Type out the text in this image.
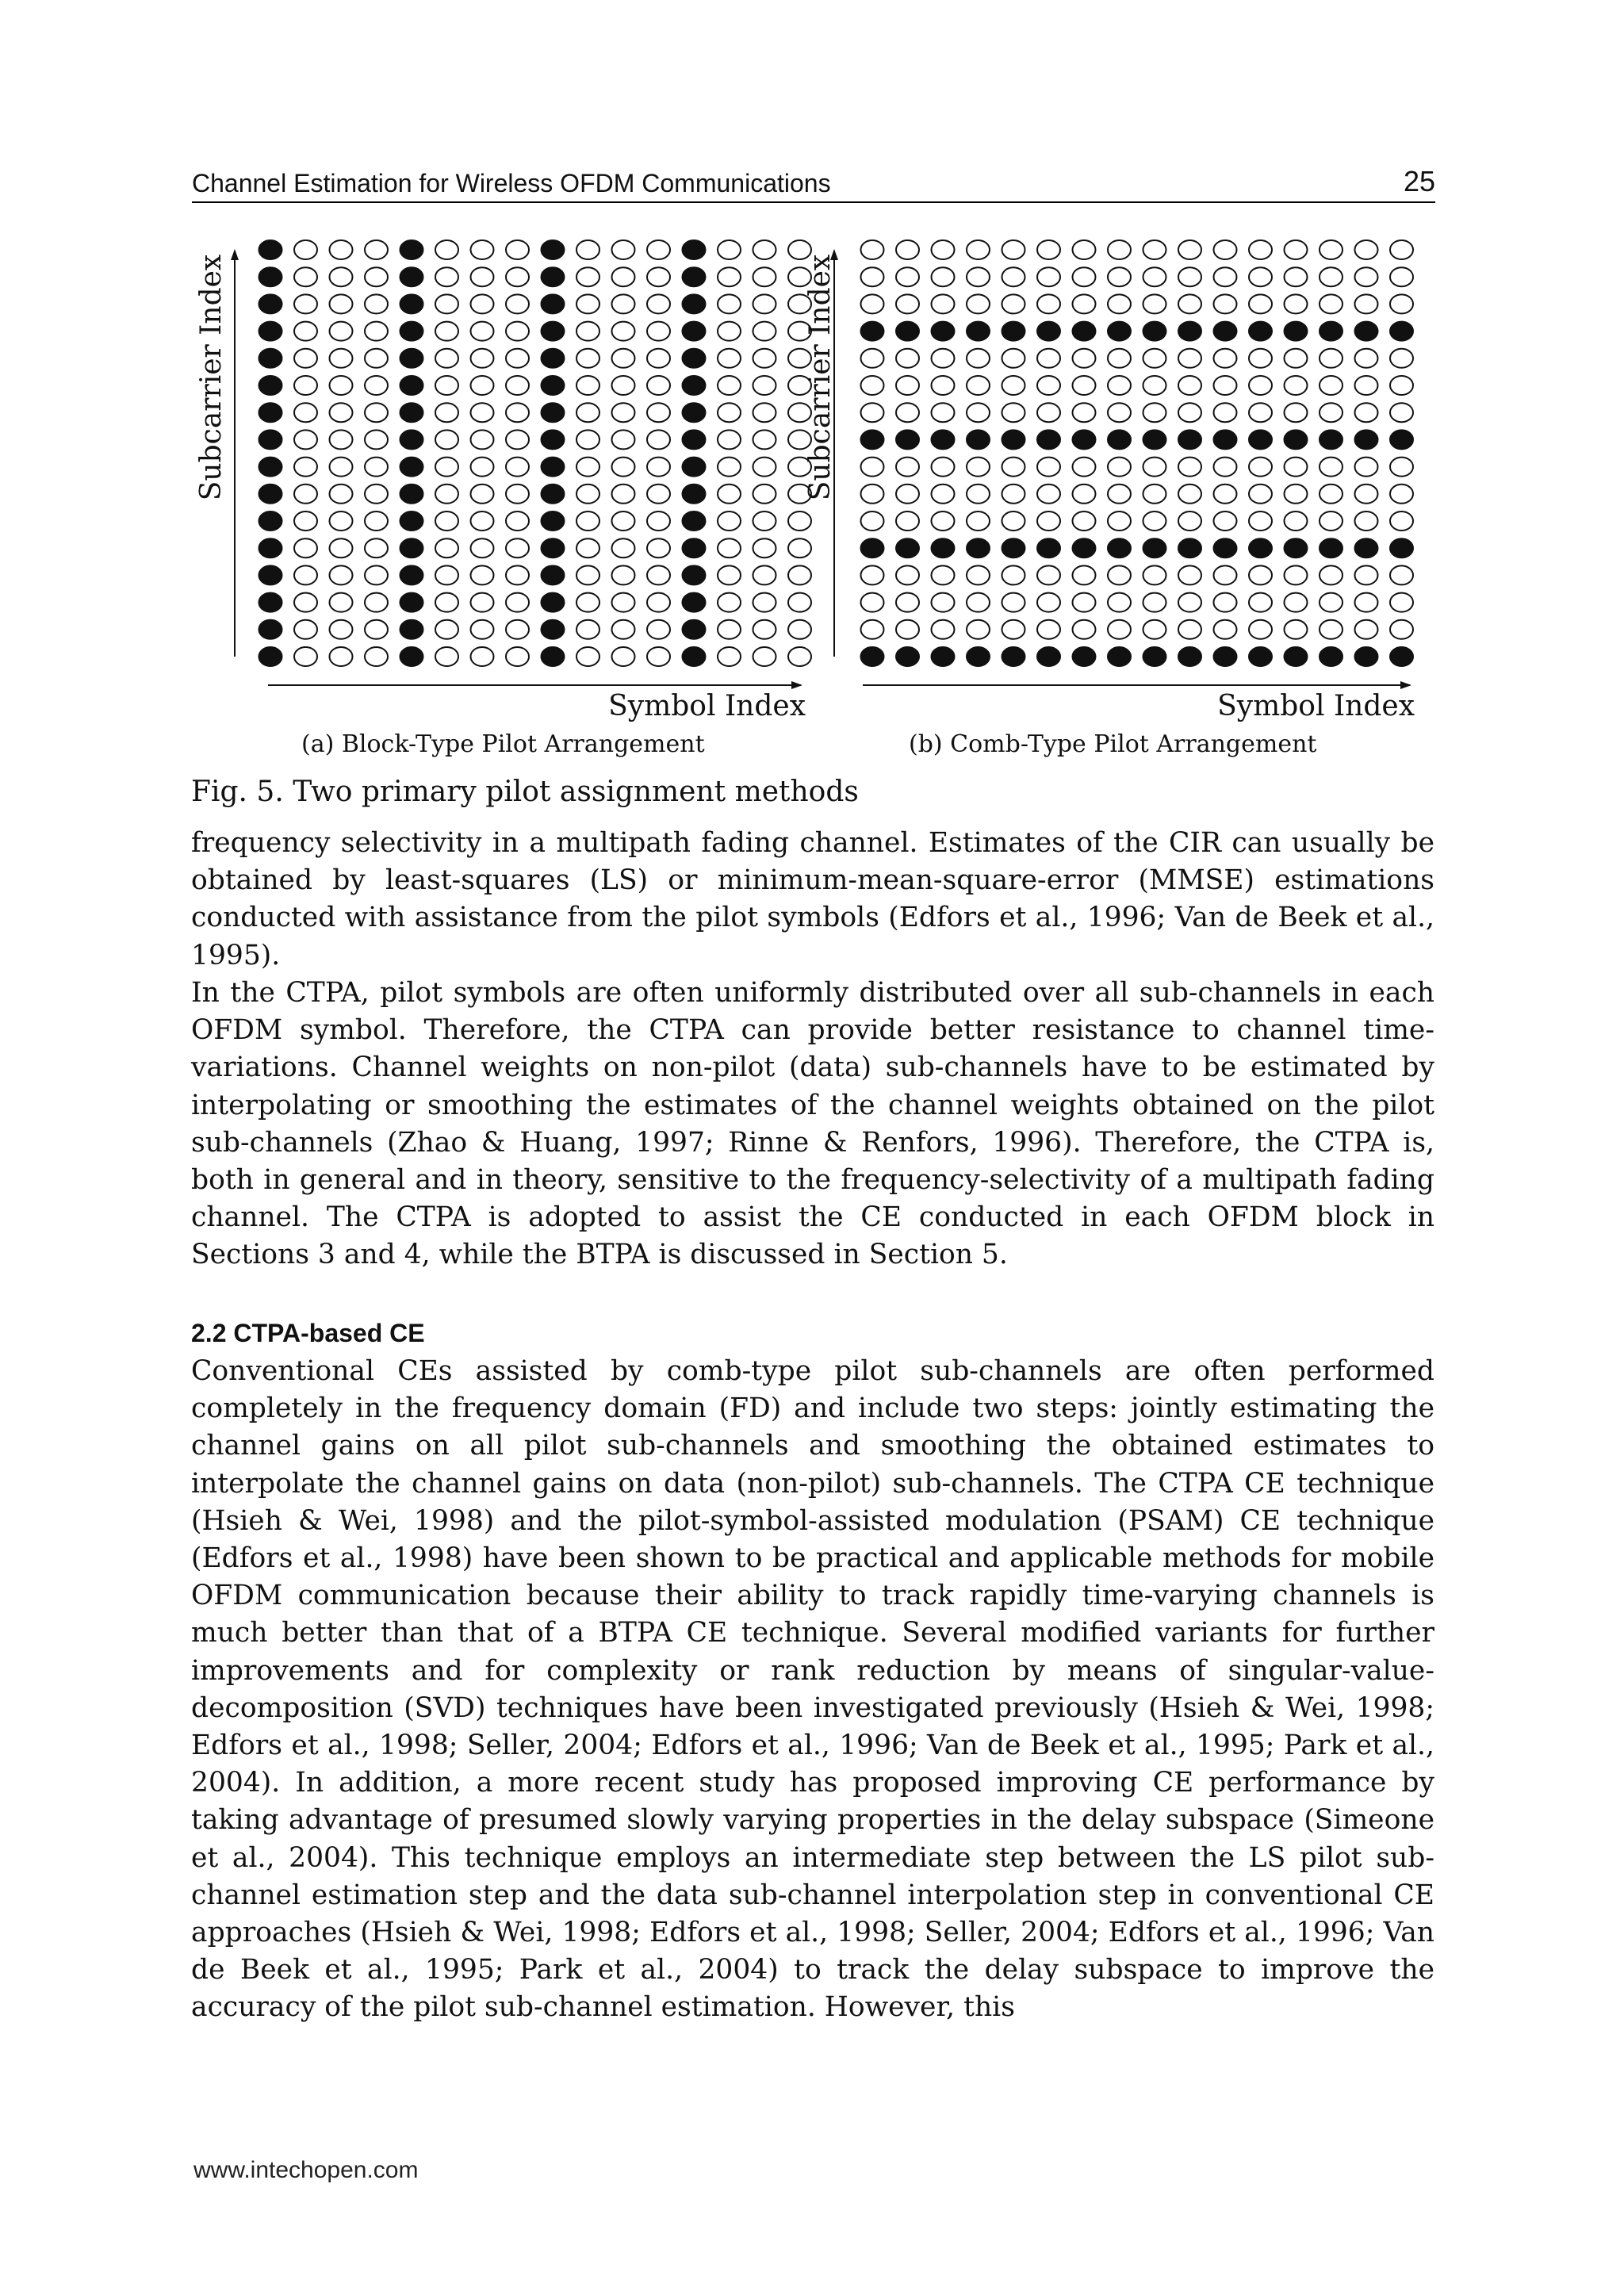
Channel Estimation for Wireless OFDM Communications	25
Subcarrier Index
Symbol Index
(a) Block-Type Pilot Arrangement
Subcarrier Index
Symbol Index
(b) Comb-Type Pilot Arrangement
Fig. 5. Two primary pilot assignment methods

frequency selectivity in a multipath fading channel. Estimates of the CIR can usually be obtained by least-squares (LS) or minimum-mean-square-error (MMSE) estimations conducted with assistance from the pilot symbols (Edfors et al., 1996; Van de Beek et al., 1995).

In the CTPA, pilot symbols are often uniformly distributed over all sub-channels in each OFDM symbol. Therefore, the CTPA can provide better resistance to channel time-variations. Channel weights on non-pilot (data) sub-channels have to be estimated by interpolating or smoothing the estimates of the channel weights obtained on the pilot sub-channels (Zhao & Huang, 1997; Rinne & Renfors, 1996). Therefore, the CTPA is, both in general and in theory, sensitive to the frequency-selectivity of a multipath fading channel. The CTPA is adopted to assist the CE conducted in each OFDM block in Sections 3 and 4, while the BTPA is discussed in Section 5.

2.2 CTPA-based CE

Conventional CEs assisted by comb-type pilot sub-channels are often performed completely in the frequency domain (FD) and include two steps: jointly estimating the channel gains on all pilot sub-channels and smoothing the obtained estimates to interpolate the channel gains on data (non-pilot) sub-channels. The CTPA CE technique (Hsieh & Wei, 1998) and the pilot-symbol-assisted modulation (PSAM) CE technique (Edfors et al., 1998) have been shown to be practical and applicable methods for mobile OFDM communication because their ability to track rapidly time-varying channels is much better than that of a BTPA CE technique. Several modified variants for further improvements and for complexity or rank reduction by means of singular-value-decomposition (SVD) techniques have been investigated previously (Hsieh & Wei, 1998; Edfors et al., 1998; Seller, 2004; Edfors et al., 1996; Van de Beek et al., 1995; Park et al., 2004). In addition, a more recent study has proposed improving CE performance by taking advantage of presumed slowly varying properties in the delay subspace (Simeone et al., 2004). This technique employs an intermediate step between the LS pilot sub-channel estimation step and the data sub-channel interpolation step in conventional CE approaches (Hsieh & Wei, 1998; Edfors et al., 1998; Seller, 2004; Edfors et al., 1996; Van de Beek et al., 1995; Park et al., 2004) to track the delay subspace to improve the accuracy of the pilot sub-channel estimation. However, this

www.intechopen.com
